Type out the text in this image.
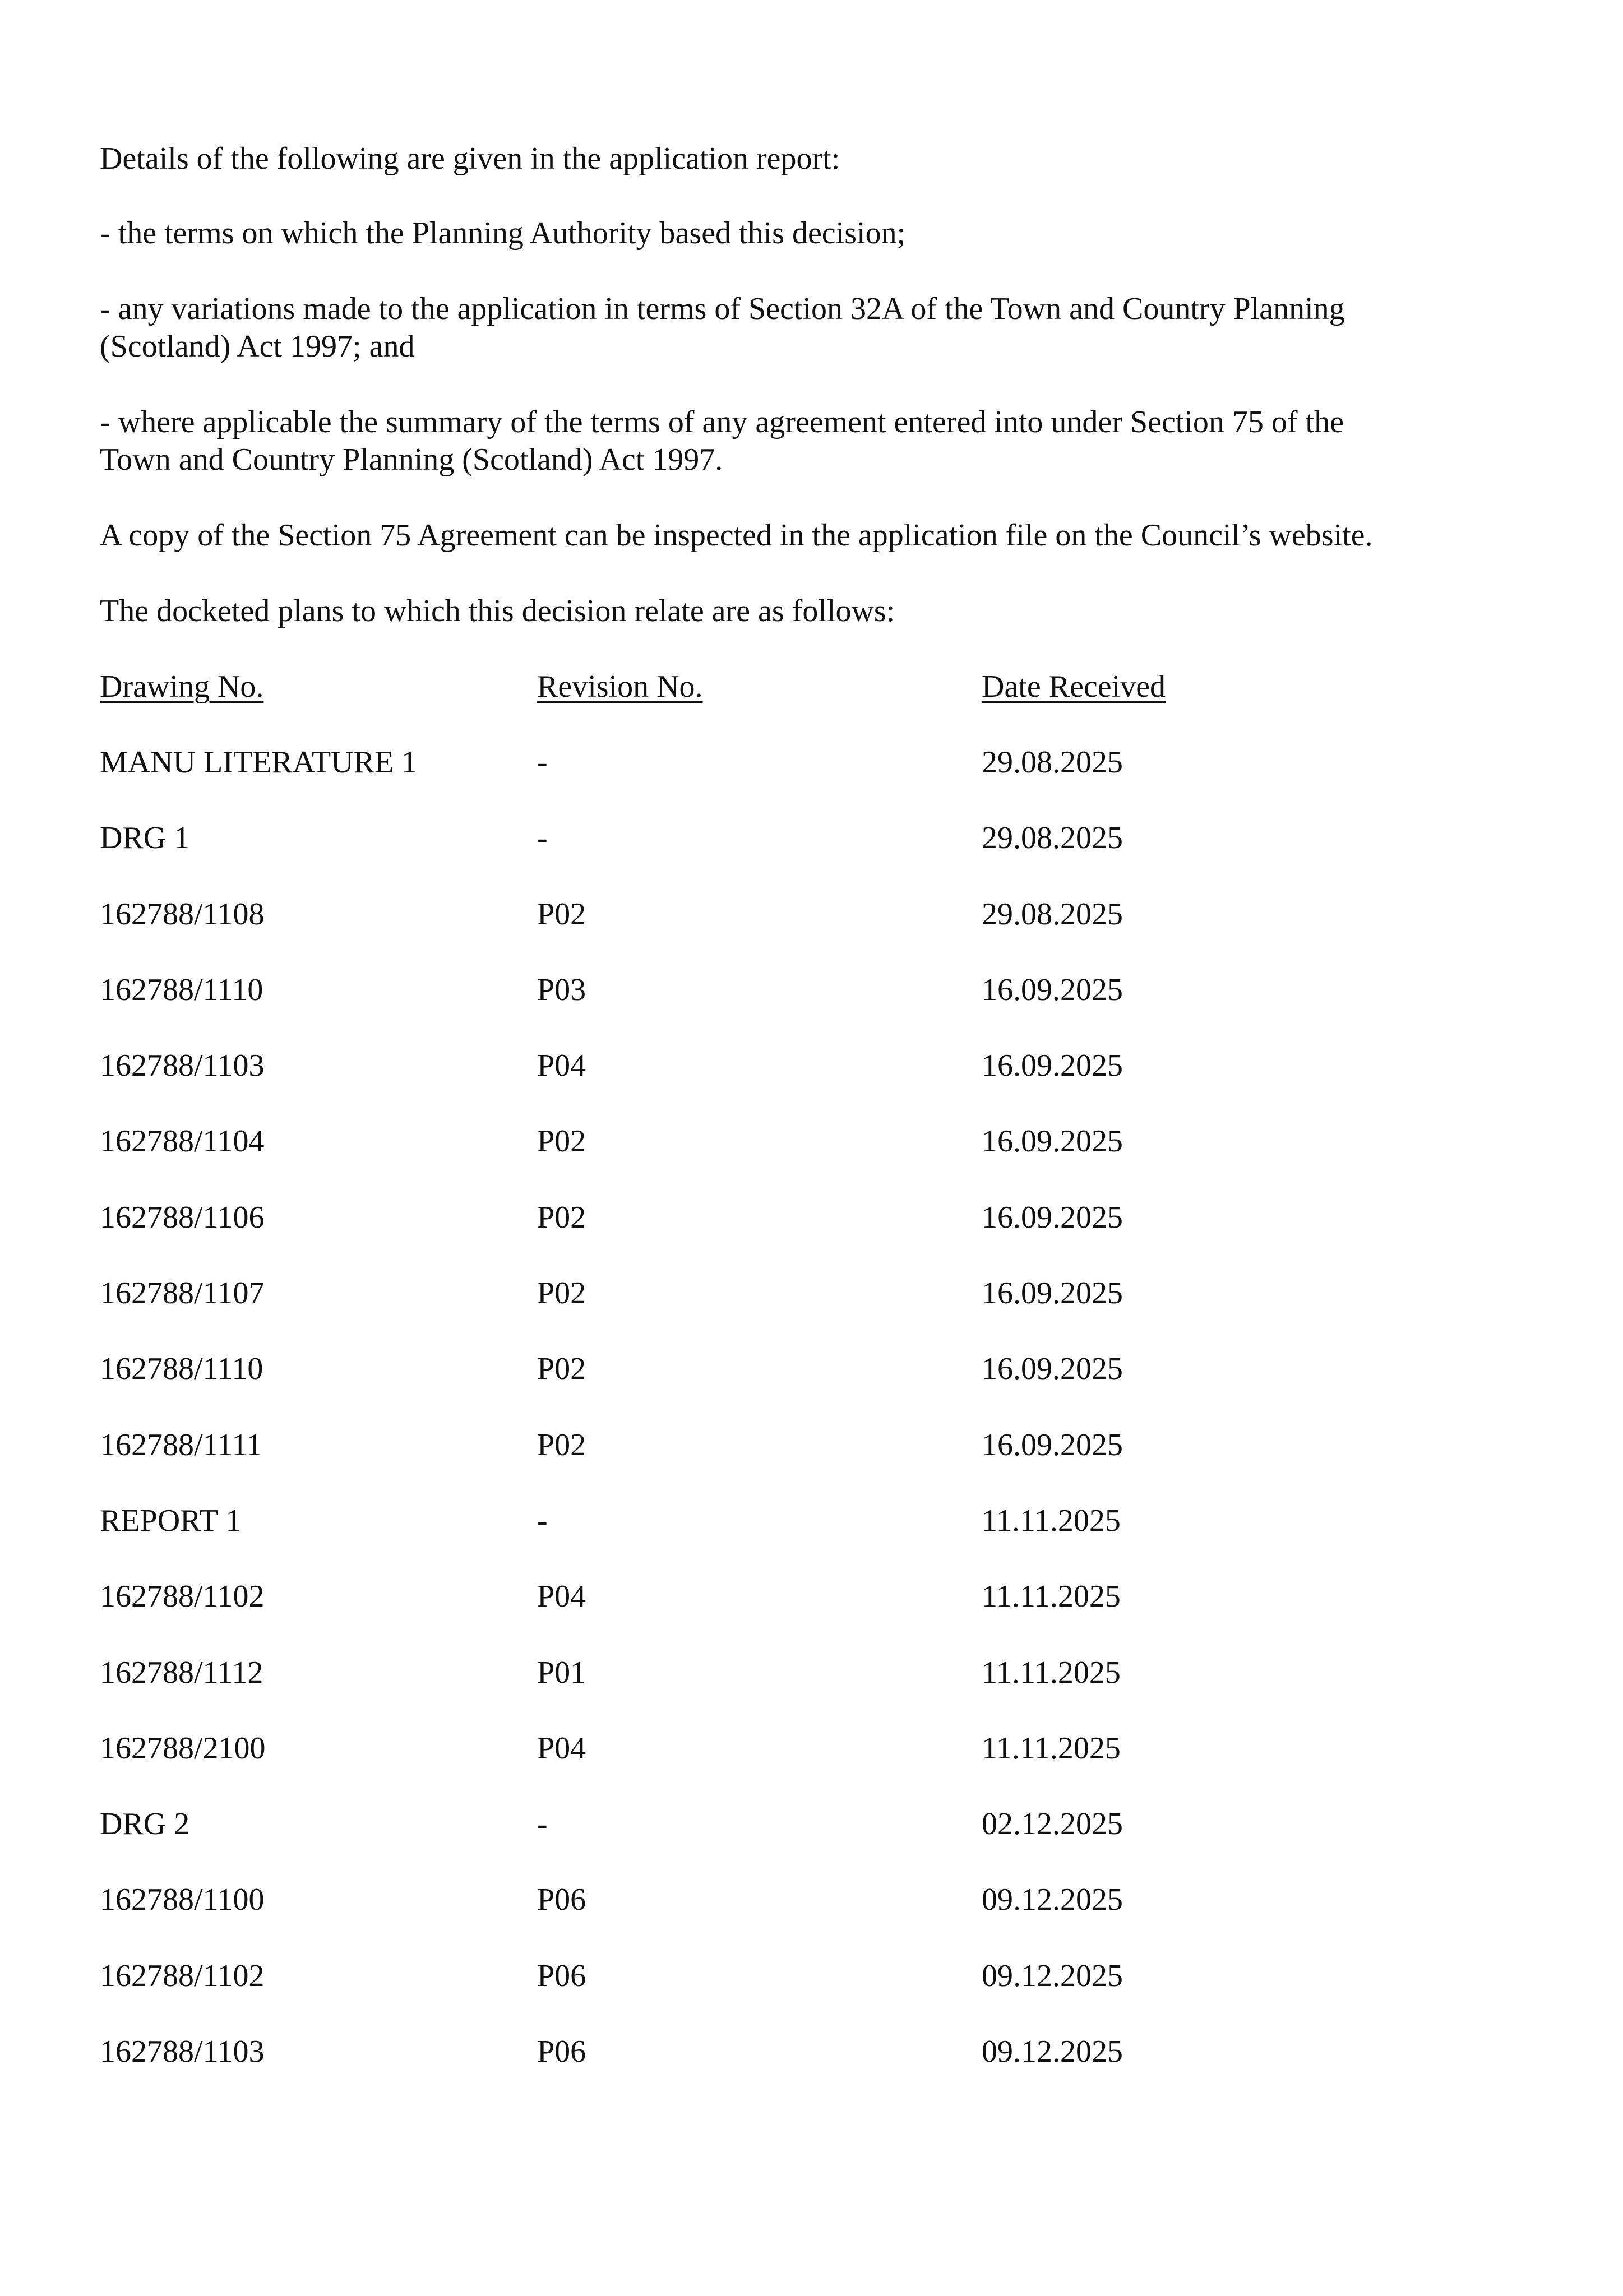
Details of the following are given in the application report:

- the terms on which the Planning Authority based this decision;

- any variations made to the application in terms of Section 32A of the Town and Country Planning (Scotland) Act 1997; and

- where applicable the summary of the terms of any agreement entered into under Section 75 of the Town and Country Planning (Scotland) Act 1997.

A copy of the Section 75 Agreement can be inspected in the application file on the Council’s website.

The docketed plans to which this decision relate are as follows:

Drawing No.	Revision No.	Date Received
MANU LITERATURE 1	-	29.08.2025
DRG 1	-	29.08.2025
162788/1108	P02	29.08.2025
162788/1110	P03	16.09.2025
162788/1103	P04	16.09.2025
162788/1104	P02	16.09.2025
162788/1106	P02	16.09.2025
162788/1107	P02	16.09.2025
162788/1110	P02	16.09.2025
162788/1111	P02	16.09.2025
REPORT 1	-	11.11.2025
162788/1102	P04	11.11.2025
162788/1112	P01	11.11.2025
162788/2100	P04	11.11.2025
DRG 2	-	02.12.2025
162788/1100	P06	09.12.2025
162788/1102	P06	09.12.2025
162788/1103	P06	09.12.2025
